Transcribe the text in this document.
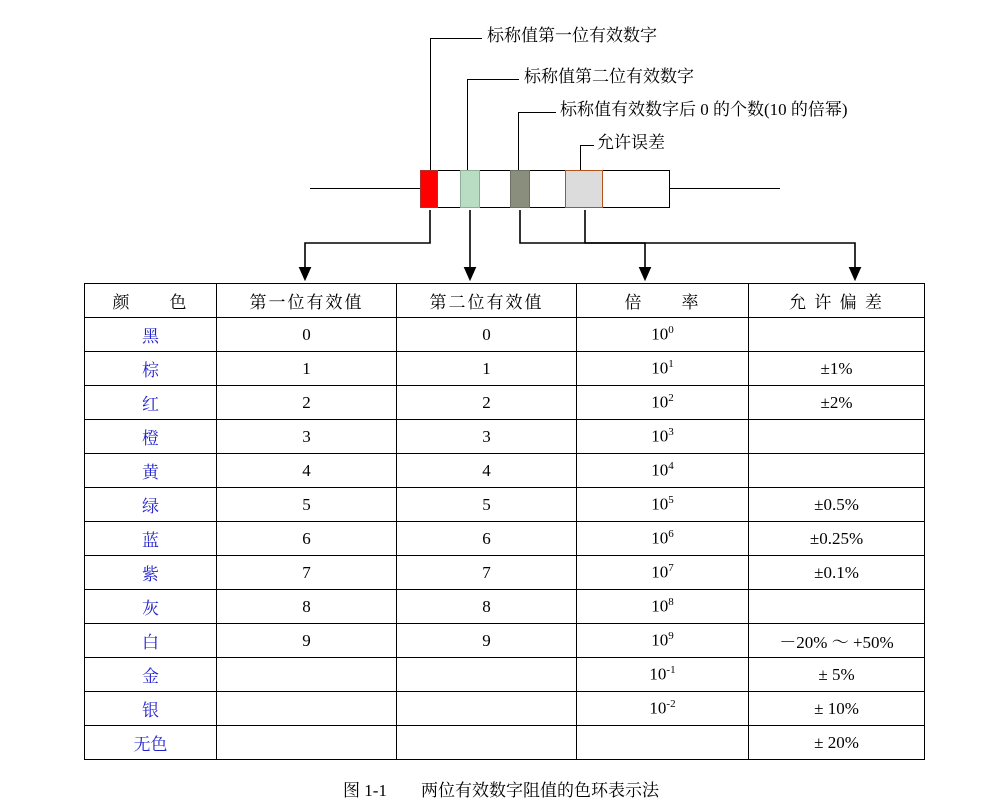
标称值第一位有效数字
标称值第二位有效数字
标称值有效数字后 0 的个数(10 的倍幂)
允许误差
颜　　色	第一位有效值	第二位有效值	倍　　率	允 许 偏 差
黑	0	0	$10^0$	
棕	1	1	$10^1$	±1%
红	2	2	$10^2$	±2%
橙	3	3	$10^3$	
黄	4	4	$10^4$	
绿	5	5	$10^5$	±0.5%
蓝	6	6	$10^6$	±0.25%
紫	7	7	$10^7$	±0.1%
灰	8	8	$10^8$	
白	9	9	$10^9$	－20% ～ +50%
金			$10^{-1}$	± 5%
银			$10^{-2}$	± 10%
无色				± 20%
图 1-1 两位有效数字阻值的色环表示法
